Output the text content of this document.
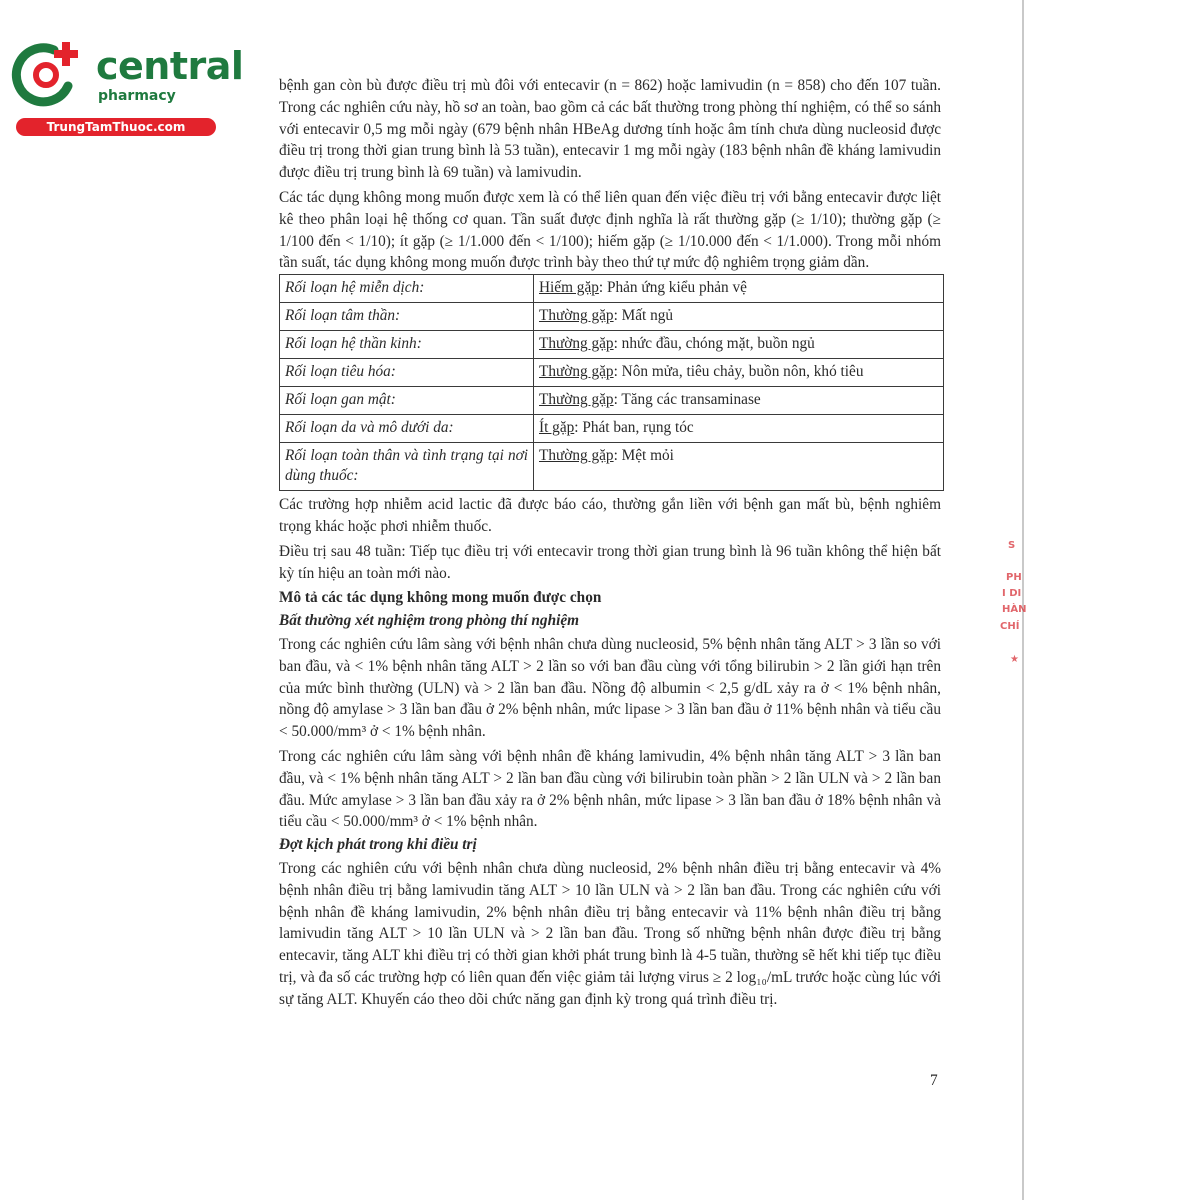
central
pharmacy
TrungTamThuoc.com
S
PH
I DI
HÀN
CHÍ
★

bệnh gan còn bù được điều trị mù đôi với entecavir (n = 862) hoặc lamivudin (n = 858) cho đến 107 tuần. Trong các nghiên cứu này, hồ sơ an toàn, bao gồm cả các bất thường trong phòng thí nghiệm, có thể so sánh với entecavir 0,5 mg mỗi ngày (679 bệnh nhân HBeAg dương tính hoặc âm tính chưa dùng nucleosid được điều trị trong thời gian trung bình là 53 tuần), entecavir 1 mg mỗi ngày (183 bệnh nhân đề kháng lamivudin được điều trị trung bình là 69 tuần) và lamivudin.

Các tác dụng không mong muốn được xem là có thể liên quan đến việc điều trị với bằng entecavir được liệt kê theo phân loại hệ thống cơ quan. Tần suất được định nghĩa là rất thường gặp (≥ 1/10); thường gặp (≥ 1/100 đến < 1/10); ít gặp (≥ 1/1.000 đến < 1/100); hiếm gặp (≥ 1/10.000 đến < 1/1.000). Trong mỗi nhóm tần suất, tác dụng không mong muốn được trình bày theo thứ tự mức độ nghiêm trọng giảm dần.

Rối loạn hệ miễn dịch:	Hiếm gặp: Phản ứng kiểu phản vệ
Rối loạn tâm thần:	Thường gặp: Mất ngủ
Rối loạn hệ thần kinh:	Thường gặp: nhức đầu, chóng mặt, buồn ngủ
Rối loạn tiêu hóa:	Thường gặp: Nôn mửa, tiêu chảy, buồn nôn, khó tiêu
Rối loạn gan mật:	Thường gặp: Tăng các transaminase
Rối loạn da và mô dưới da:	Ít gặp: Phát ban, rụng tóc
Rối loạn toàn thân và tình trạng tại nơi dùng thuốc:	Thường gặp: Mệt mỏi

Các trường hợp nhiễm acid lactic đã được báo cáo, thường gắn liền với bệnh gan mất bù, bệnh nghiêm trọng khác hoặc phơi nhiễm thuốc.

Điều trị sau 48 tuần: Tiếp tục điều trị với entecavir trong thời gian trung bình là 96 tuần không thể hiện bất kỳ tín hiệu an toàn mới nào.

Mô tả các tác dụng không mong muốn được chọn
Bất thường xét nghiệm trong phòng thí nghiệm

Trong các nghiên cứu lâm sàng với bệnh nhân chưa dùng nucleosid, 5% bệnh nhân tăng ALT > 3 lần so với ban đầu, và < 1% bệnh nhân tăng ALT > 2 lần so với ban đầu cùng với tổng bilirubin > 2 lần giới hạn trên của mức bình thường (ULN) và > 2 lần ban đầu. Nồng độ albumin < 2,5 g/dL xảy ra ở < 1% bệnh nhân, nồng độ amylase > 3 lần ban đầu ở 2% bệnh nhân, mức lipase > 3 lần ban đầu ở 11% bệnh nhân và tiểu cầu < 50.000/mm³ ở < 1% bệnh nhân.

Trong các nghiên cứu lâm sàng với bệnh nhân đề kháng lamivudin, 4% bệnh nhân tăng ALT > 3 lần ban đầu, và < 1% bệnh nhân tăng ALT > 2 lần ban đầu cùng với bilirubin toàn phần > 2 lần ULN và > 2 lần ban đầu. Mức amylase > 3 lần ban đầu xảy ra ở 2% bệnh nhân, mức lipase > 3 lần ban đầu ở 18% bệnh nhân và tiểu cầu < 50.000/mm³ ở < 1% bệnh nhân.

Đợt kịch phát trong khi điều trị

Trong các nghiên cứu với bệnh nhân chưa dùng nucleosid, 2% bệnh nhân điều trị bằng entecavir và 4% bệnh nhân điều trị bằng lamivudin tăng ALT > 10 lần ULN và > 2 lần ban đầu. Trong các nghiên cứu với bệnh nhân đề kháng lamivudin, 2% bệnh nhân điều trị bằng entecavir và 11% bệnh nhân điều trị bằng lamivudin tăng ALT > 10 lần ULN và > 2 lần ban đầu. Trong số những bệnh nhân được điều trị bằng entecavir, tăng ALT khi điều trị có thời gian khởi phát trung bình là 4-5 tuần, thường sẽ hết khi tiếp tục điều trị, và đa số các trường hợp có liên quan đến việc giảm tải lượng virus ≥ 2 log₁₀/mL trước hoặc cùng lúc với sự tăng ALT. Khuyến cáo theo dõi chức năng gan định kỳ trong quá trình điều trị.

7
